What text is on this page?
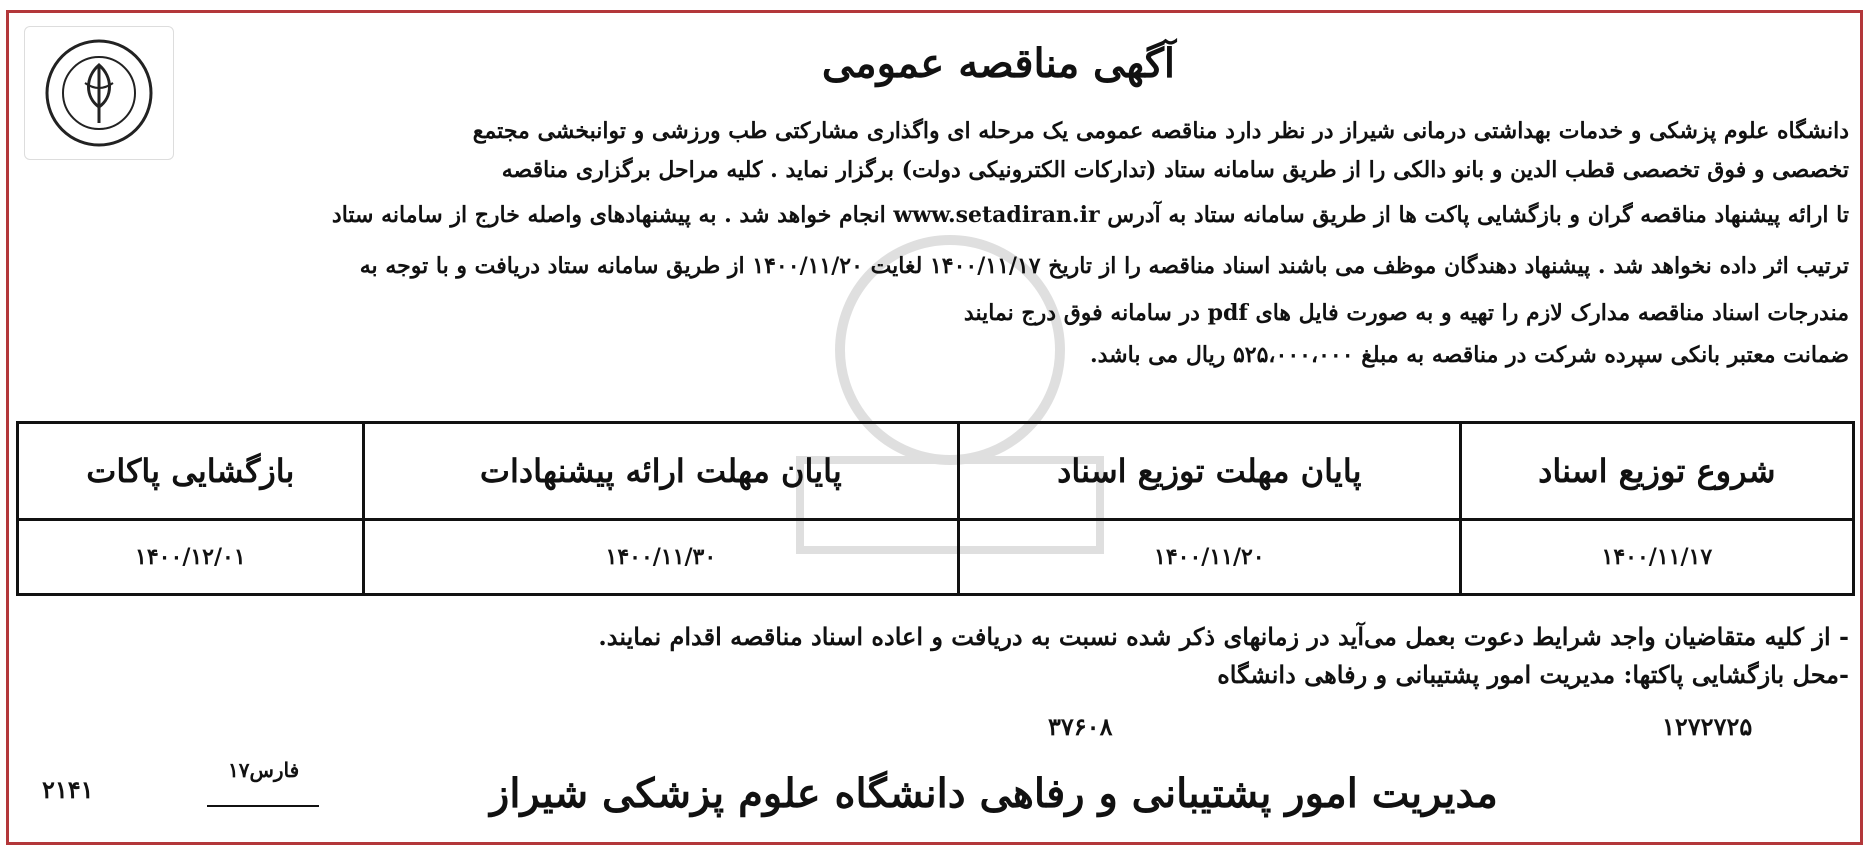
آگهی مناقصه عمومی
دانشگاه علوم پزشکی و خدمات بهداشتی درمانی شیراز در نظر دارد مناقصه عمومی یک مرحله ای واگذاری مشارکتی طب ورزشی و توانبخشی مجتمع
تخصصی و فوق تخصصی قطب الدین و بانو دالکی را از طریق سامانه ستاد (تدارکات الکترونیکی دولت) برگزار نماید . کلیه مراحل برگزاری مناقصه
تا ارائه پیشنهاد مناقصه گران و بازگشایی پاکت ها از طریق سامانه ستاد به آدرس www.setadiran.ir انجام خواهد شد . به پیشنهادهای واصله خارج از سامانه ستاد
ترتیب اثر داده نخواهد شد . پیشنهاد دهندگان موظف می باشند اسناد مناقصه را از تاریخ ۱۴۰۰/۱۱/۱۷ لغایت ۱۴۰۰/۱۱/۲۰ از طریق سامانه ستاد دریافت و با توجه به
مندرجات اسناد مناقصه مدارک لازم را تهیه و به صورت فایل های pdf در سامانه فوق درج نمایند
ضمانت معتبر بانکی سپرده شرکت در مناقصه به مبلغ ۵۲۵،۰۰۰،۰۰۰ ریال می باشد.
شروع توزیع اسناد	پایان مهلت توزیع اسناد	پایان مهلت ارائه پیشنهادات	بازگشایی پاکات
۱۴۰۰/۱۱/۱۷	۱۴۰۰/۱۱/۲۰	۱۴۰۰/۱۱/۳۰	۱۴۰۰/۱۲/۰۱
- از کلیه متقاضیان واجد شرایط دعوت بعمل می‌آید در زمانهای ذکر شده نسبت به دریافت و اعاده اسناد مناقصه اقدام نمایند.
-محل بازگشایی پاکتها: مدیریت امور پشتیبانی و رفاهی دانشگاه
۱۲۷۲۷۲۵
۳۷۶۰۸
۲۱۴۱
فارس۱۷	مدیریت امور پشتیبانی و رفاهی دانشگاه علوم پزشکی شیراز
